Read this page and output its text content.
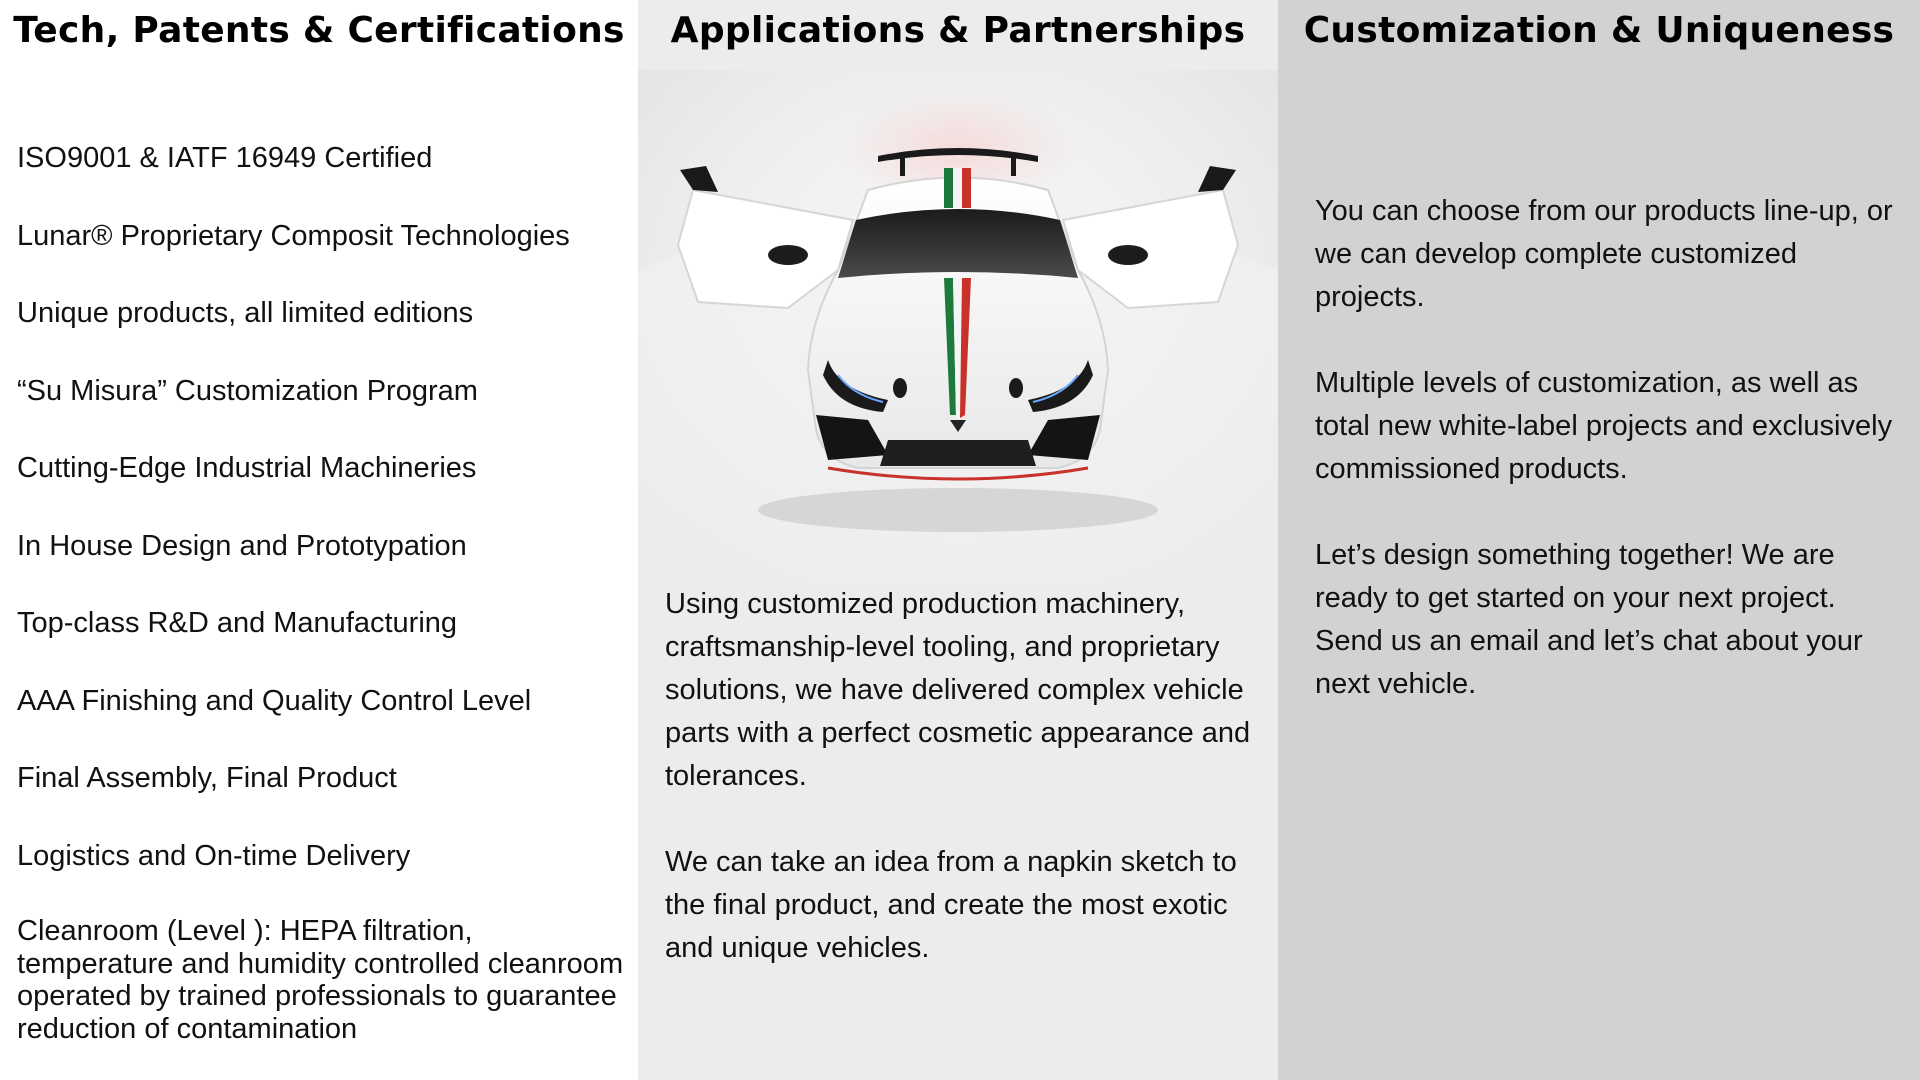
Tech, Patents & Certifications
ISO9001 & IATF 16949 Certified
Lunar® Proprietary Composit Technologies
Unique products, all limited editions
“Su Misura” Customization Program
Cutting-Edge Industrial Machineries
In House Design and Prototypation
Top-class R&D and Manufacturing
AAA Finishing and Quality Control Level
Final Assembly, Final Product
Logistics and On-time Delivery
Cleanroom (Level ): HEPA filtration, temperature and humidity controlled cleanroom operated by trained professionals to guarantee reduction of contamination
Applications & Partnerships

Using customized production machinery, craftsmanship-level tooling, and proprietary solutions, we have delivered complex vehicle parts with a perfect cosmetic appearance and tolerances.

We can take an idea from a napkin sketch to the final product, and create the most exotic and unique vehicles.

Customization & Uniqueness

You can choose from our products line-up, or we can develop complete customized projects.

Multiple levels of customization, as well as total new white-label projects and exclusively commissioned products.

Let’s design something together! We are ready to get started on your next project. Send us an email and let’s chat about your next vehicle.
